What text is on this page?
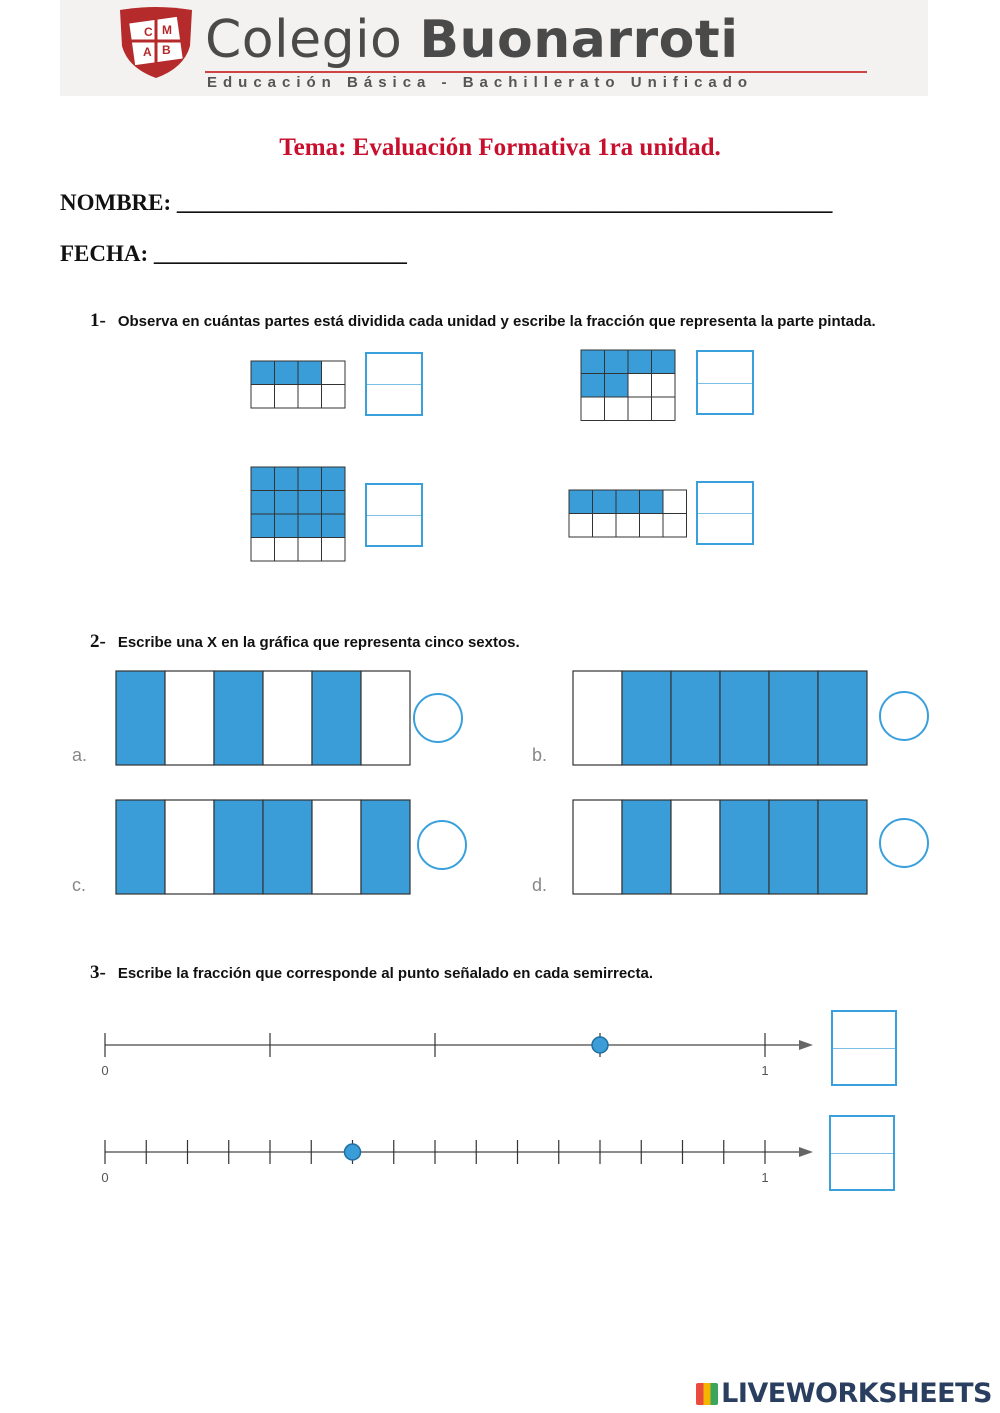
C M
A B Colegio Buonarroti
Educación Básica - Bachillerato Unificado
Tema: Evaluación Formativa 1ra unidad.
NOMBRE: _________________________________________________________
FECHA: ______________________
1- Observa en cuántas partes está dividida cada unidad y escribe la fracción que representa la parte pintada.
2- Escribe una X en la gráfica que representa cinco sextos.
a.	b.
c.	d.
3- Escribe la fracción que corresponde al punto señalado en cada semirrecta.
0	1
0	1
LIVEWORKSHEETS
